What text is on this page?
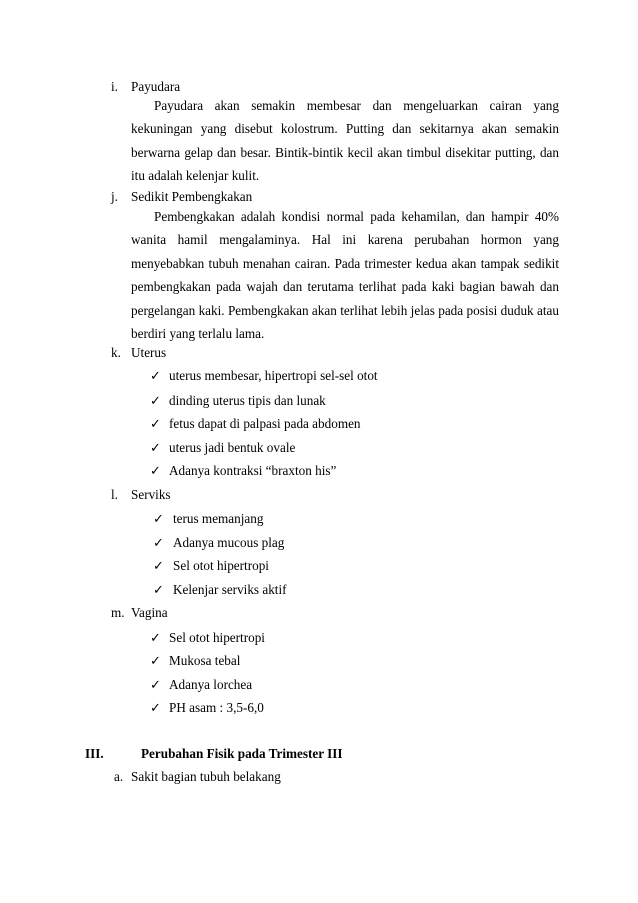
i. Payudara

Payudara akan semakin membesar dan mengeluarkan cairan yang kekuningan yang disebut kolostrum. Putting dan sekitarnya akan semakin berwarna gelap dan besar. Bintik-bintik kecil akan timbul disekitar putting, dan itu adalah kelenjar kulit.

j. Sedikit Pembengkakan

Pembengkakan adalah kondisi normal pada kehamilan, dan hampir 40% wanita hamil mengalaminya. Hal ini karena perubahan hormon yang menyebabkan tubuh menahan cairan. Pada trimester kedua akan tampak sedikit pembengkakan pada wajah dan terutama terlihat pada kaki bagian bawah dan pergelangan kaki. Pembengkakan akan terlihat lebih jelas pada posisi duduk atau berdiri yang terlalu lama.

k. Uterus
✓ uterus membesar, hipertropi sel-sel otot
✓ dinding uterus tipis dan lunak
✓ fetus dapat di palpasi pada abdomen
✓ uterus jadi bentuk ovale
✓ Adanya kontraksi “braxton his”
l. Serviks
✓ terus memanjang
✓ Adanya mucous plag
✓ Sel otot hipertropi
✓ Kelenjar serviks aktif
m. Vagina
✓ Sel otot hipertropi
✓ Mukosa tebal
✓ Adanya lorchea
✓ PH asam : 3,5-6,0
III.	Perubahan Fisik pada Trimester III
a. Sakit bagian tubuh belakang
